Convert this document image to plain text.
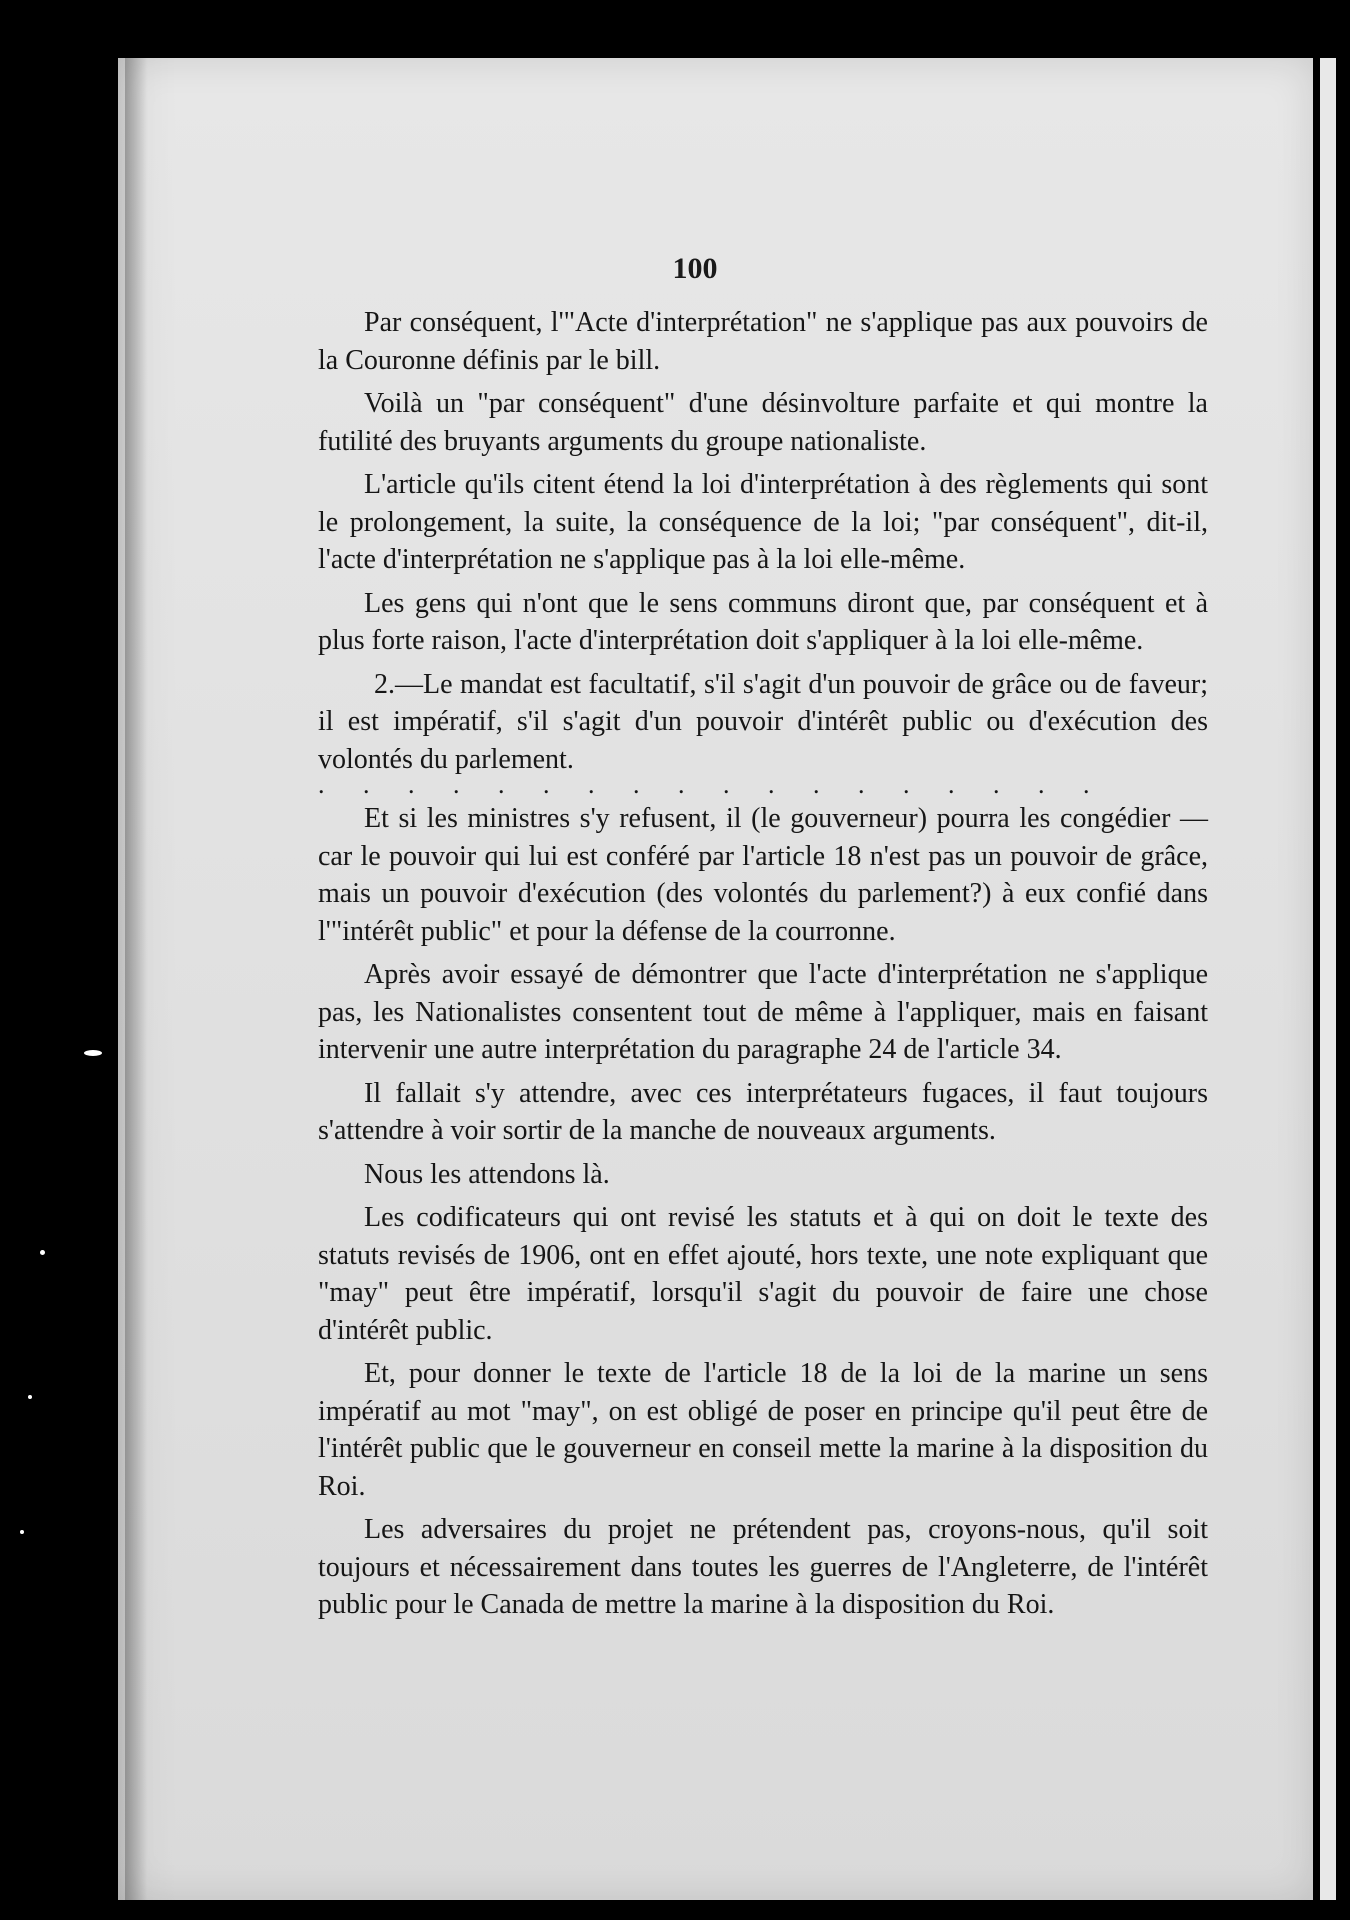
100

Par conséquent, l'"Acte d'interprétation" ne s'applique pas aux pouvoirs de la Couronne définis par le bill.

Voilà un "par conséquent" d'une désinvolture parfaite et qui montre la futilité des bruyants arguments du groupe nationaliste.

L'article qu'ils citent étend la loi d'interprétation à des règlements qui sont le prolongement, la suite, la conséquence de la loi; "par conséquent", dit-il, l'acte d'interprétation ne s'applique pas à la loi elle-même.

Les gens qui n'ont que le sens communs diront que, par conséquent et à plus forte raison, l'acte d'interprétation doit s'appliquer à la loi elle-même.

2.—Le mandat est facultatif, s'il s'agit d'un pouvoir de grâce ou de faveur; il est impératif, s'il s'agit d'un pouvoir d'intérêt public ou d'exécution des volontés du parlement.

. . . . . . . . . . . . . . . . . .

Et si les ministres s'y refusent, il (le gouverneur) pourra les congédier — car le pouvoir qui lui est conféré par l'article 18 n'est pas un pouvoir de grâce, mais un pouvoir d'exécution (des volontés du parlement?) à eux confié dans l'"intérêt public" et pour la défense de la courronne.

Après avoir essayé de démontrer que l'acte d'interprétation ne s'applique pas, les Nationalistes consentent tout de même à l'appliquer, mais en faisant intervenir une autre interprétation du paragraphe 24 de l'article 34.

Il fallait s'y attendre, avec ces interprétateurs fugaces, il faut toujours s'attendre à voir sortir de la manche de nouveaux arguments.

Nous les attendons là.

Les codificateurs qui ont revisé les statuts et à qui on doit le texte des statuts revisés de 1906, ont en effet ajouté, hors texte, une note expliquant que "may" peut être impératif, lorsqu'il s'agit du pouvoir de faire une chose d'intérêt public.

Et, pour donner le texte de l'article 18 de la loi de la marine un sens impératif au mot "may", on est obligé de poser en principe qu'il peut être de l'intérêt public que le gouverneur en conseil mette la marine à la disposition du Roi.

Les adversaires du projet ne prétendent pas, croyons-nous, qu'il soit toujours et nécessairement dans toutes les guerres de l'Angleterre, de l'intérêt public pour le Canada de mettre la marine à la disposition du Roi.
